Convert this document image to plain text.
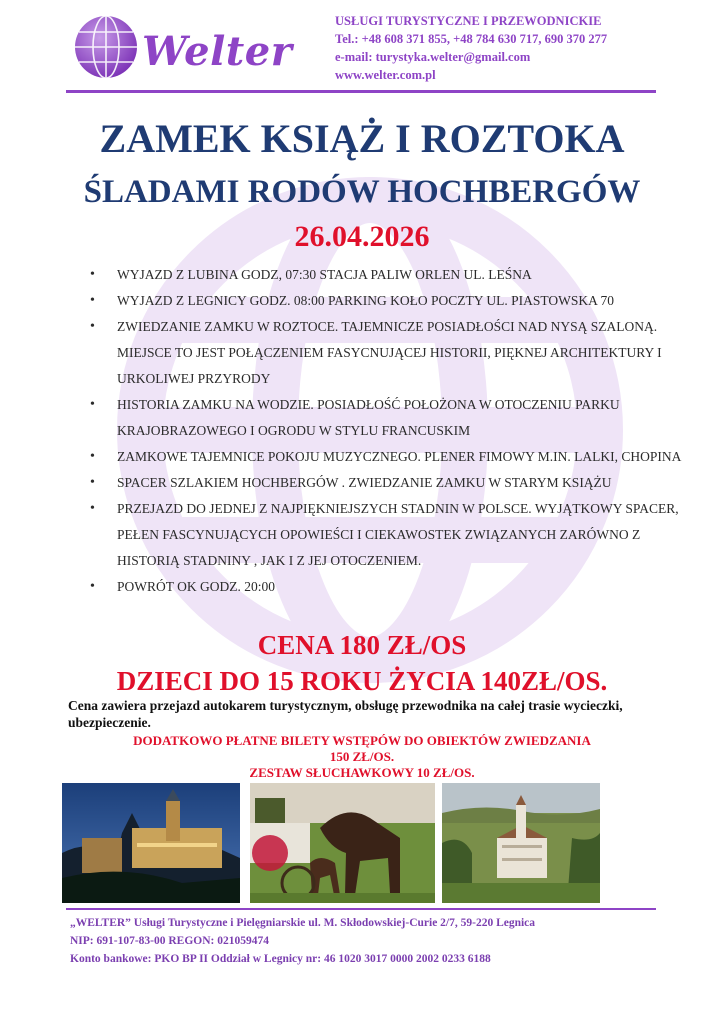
Welter
USŁUGI TURYSTYCZNE I PRZEWODNICKIE
Tel.: +48 608 371 855, +48 784 630 717, 690 370 277
e-mail: turystyka.welter@gmail.com
www.welter.com.pl
ZAMEK KSIĄŻ I ROZTOKA
ŚLADAMI RODÓW HOCHBERGÓW
26.04.2026
• WYJAZD Z LUBINA GODZ, 07:30 STACJA PALIW ORLEN UL. LEŚNA
• WYJAZD Z LEGNICY GODZ. 08:00 PARKING KOŁO POCZTY UL. PIASTOWSKA 70
• ZWIEDZANIE ZAMKU W ROZTOCE. TAJEMNICZE POSIADŁOŚCI NAD NYSĄ SZALONĄ. MIEJSCE TO JEST POŁĄCZENIEM FASYCNUJĄCEJ HISTORII, PIĘKNEJ ARCHITEKTURY I URKOLIWEJ PRZYRODY
• HISTORIA ZAMKU NA WODZIE. POSIADŁOŚĆ POŁOŻONA W OTOCZENIU PARKU KRAJOBRAZOWEGO I OGRODU W STYLU FRANCUSKIM
• ZAMKOWE TAJEMNICE POKOJU MUZYCZNEGO. PLENER FIMOWY M.IN. LALKI, CHOPINA
• SPACER SZLAKIEM HOCHBERGÓW . ZWIEDZANIE ZAMKU W STARYM KSIĄŻU
• PRZEJAZD DO JEDNEJ Z NAJPIĘKNIEJSZYCH STADNIN W POLSCE. WYJĄTKOWY SPACER, PEŁEN FASCYNUJĄCYCH OPOWIEŚCI I CIEKAWOSTEK ZWIĄZANYCH ZARÓWNO Z HISTORIĄ STADNINY , JAK I Z JEJ OTOCZENIEM.
• POWRÓT OK GODZ. 20:00
CENA 180 ZŁ/OS
DZIECI DO 15 ROKU ŻYCIA 140ZŁ/OS.
Cena zawiera przejazd autokarem turystycznym, obsługę przewodnika na całej trasie wycieczki, ubezpieczenie.
DODATKOWO PŁATNE BILETY WSTĘPÓW DO OBIEKTÓW ZWIEDZANIA
150 ZŁ/OS.
ZESTAW SŁUCHAWKOWY 10 ZŁ/OS.
„WELTER” Usługi Turystyczne i Pielęgniarskie ul. M. Skłodowskiej-Curie 2/7, 59-220 Legnica
NIP: 691-107-83-00 REGON: 021059474
Konto bankowe: PKO BP II Oddział w Legnicy nr: 46 1020 3017 0000 2002 0233 6188
